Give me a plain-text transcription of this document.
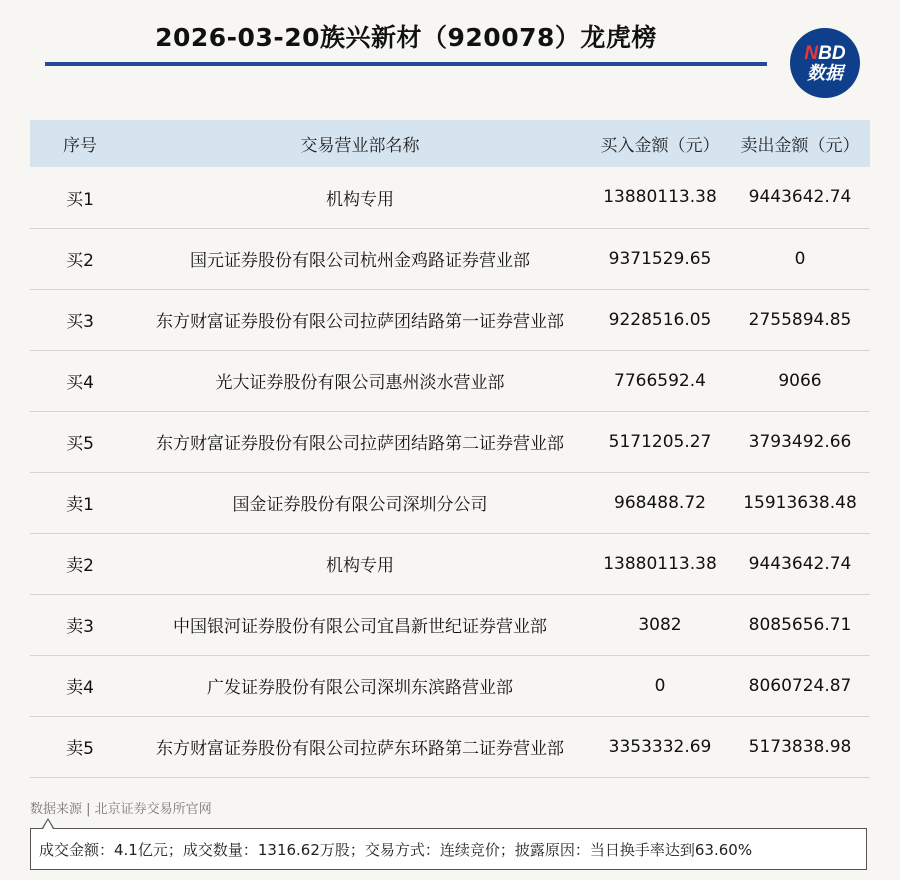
2026-03-20族兴新材（920078）龙虎榜
NBD
数据
序号	交易营业部名称	买入金额（元）	卖出金额（元）
买1	机构专用	13880113.38	9443642.74
买2	国元证券股份有限公司杭州金鸡路证券营业部	9371529.65	0
买3	东方财富证券股份有限公司拉萨团结路第一证券营业部	9228516.05	2755894.85
买4	光大证券股份有限公司惠州淡水营业部	7766592.4	9066
买5	东方财富证券股份有限公司拉萨团结路第二证券营业部	5171205.27	3793492.66
卖1	国金证券股份有限公司深圳分公司	968488.72	15913638.48
卖2	机构专用	13880113.38	9443642.74
卖3	中国银河证券股份有限公司宜昌新世纪证券营业部	3082	8085656.71
卖4	广发证券股份有限公司深圳东滨路营业部	0	8060724.87
卖5	东方财富证券股份有限公司拉萨东环路第二证券营业部	3353332.69	5173838.98
数据来源 | 北京证券交易所官网
成交金额：4.1亿元；成交数量：1316.62万股；交易方式：连续竞价；披露原因：当日换手率达到63.60%
